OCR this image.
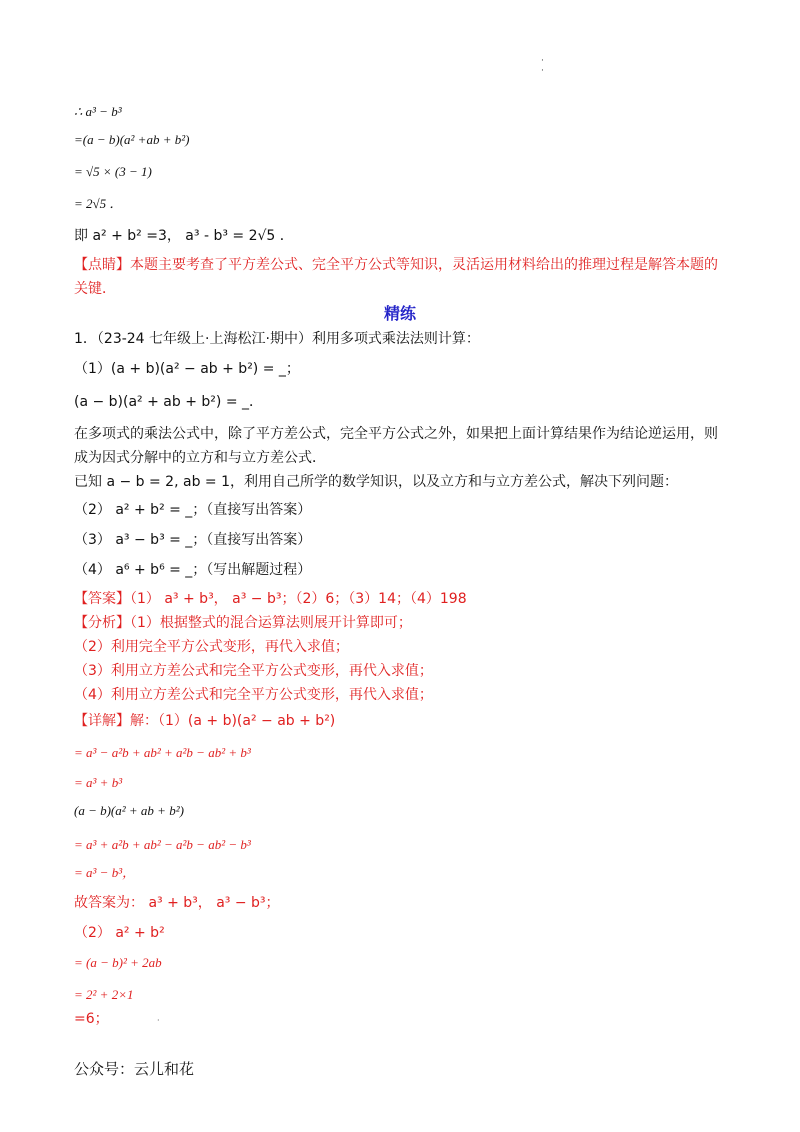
·
·
∴ a³ − b³
=(a − b)(a² +ab + b²)
= √5 × (3 − 1)
= 2√5 ．
即 a² + b² =3， a³ - b³ = 2√5 ．
【点睛】本题主要考查了平方差公式、完全平方公式等知识，灵活运用材料给出的推理过程是解答本题的
关键．
精练
1．（23-24 七年级上·上海松江·期中）利用多项式乘法法则计算：
（1）(a + b)(a² − ab + b²) = _；
(a − b)(a² + ab + b²) = _．
在多项式的乘法公式中，除了平方差公式，完全平方公式之外，如果把上面计算结果作为结论逆运用，则
成为因式分解中的立方和与立方差公式．
已知 a − b = 2, ab = 1，利用自己所学的数学知识，以及立方和与立方差公式，解决下列问题：
（2） a² + b² = _；（直接写出答案）
（3） a³ − b³ = _；（直接写出答案）
（4） a⁶ + b⁶ = _；（写出解题过程）
【答案】（1） a³ + b³， a³ − b³；（2）6；（3）14；（4）198
【分析】（1）根据整式的混合运算法则展开计算即可；
（2）利用完全平方公式变形，再代入求值；
（3）利用立方差公式和完全平方公式变形，再代入求值；
（4）利用立方差公式和完全平方公式变形，再代入求值；
【详解】解：（1）(a + b)(a² − ab + b²)
= a³ − a²b + ab² + a²b − ab² + b³
= a³ + b³
(a − b)(a² + ab + b²)
= a³ + a²b + ab² − a²b − ab² − b³
= a³ − b³，
故答案为： a³ + b³， a³ − b³；
（2） a² + b²
= (a − b)² + 2ab
= 2² + 2×1
=6；	·
公众号：云儿和花
